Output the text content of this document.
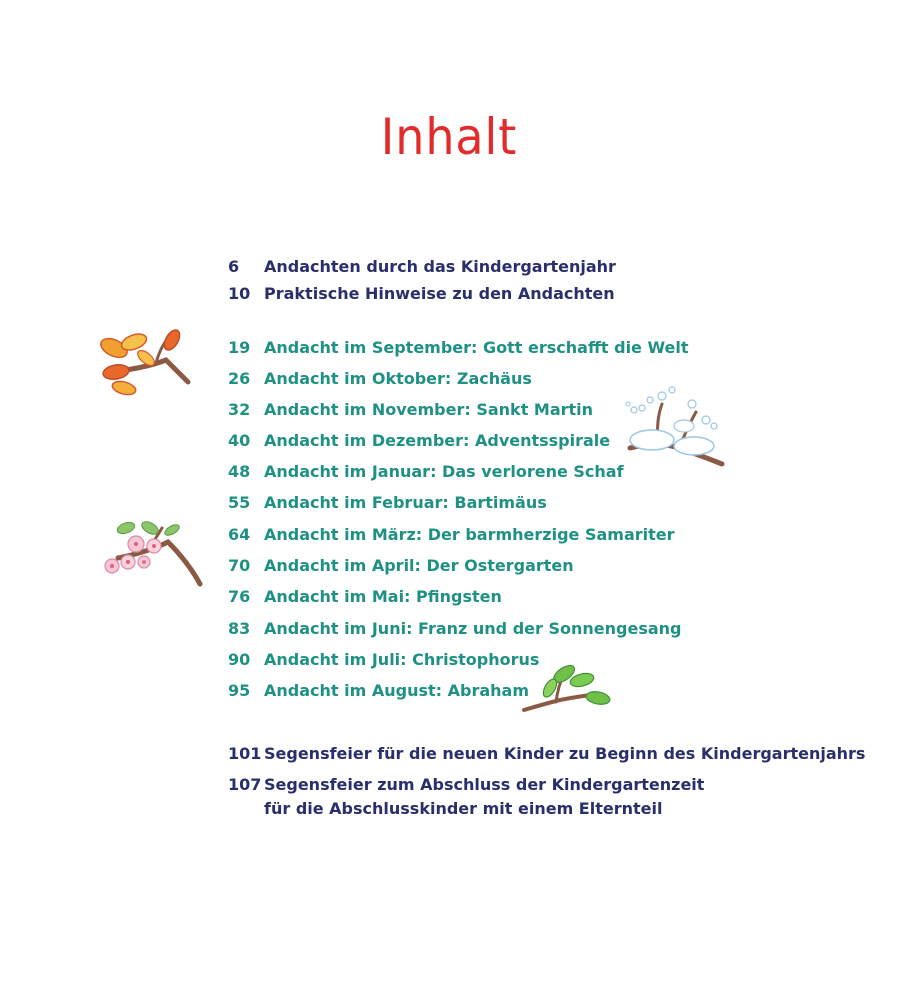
Inhalt
6 Andachten durch das Kindergartenjahr
10 Praktische Hinweise zu den Andachten
19 Andacht im September: Gott erschafft die Welt
26 Andacht im Oktober: Zachäus
32 Andacht im November: Sankt Martin
40 Andacht im Dezember: Adventsspirale
48 Andacht im Januar: Das verlorene Schaf
55 Andacht im Februar: Bartimäus
64 Andacht im März: Der barmherzige Samariter
70 Andacht im April: Der Ostergarten
76 Andacht im Mai: Pfingsten
83 Andacht im Juni: Franz und der Sonnengesang
90 Andacht im Juli: Christophorus
95 Andacht im August: Abraham
101 Segensfeier für die neuen Kinder zu Beginn des Kindergartenjahrs
107 Segensfeier zum Abschluss der Kindergartenzeit für die Abschlusskinder mit einem Elternteil
